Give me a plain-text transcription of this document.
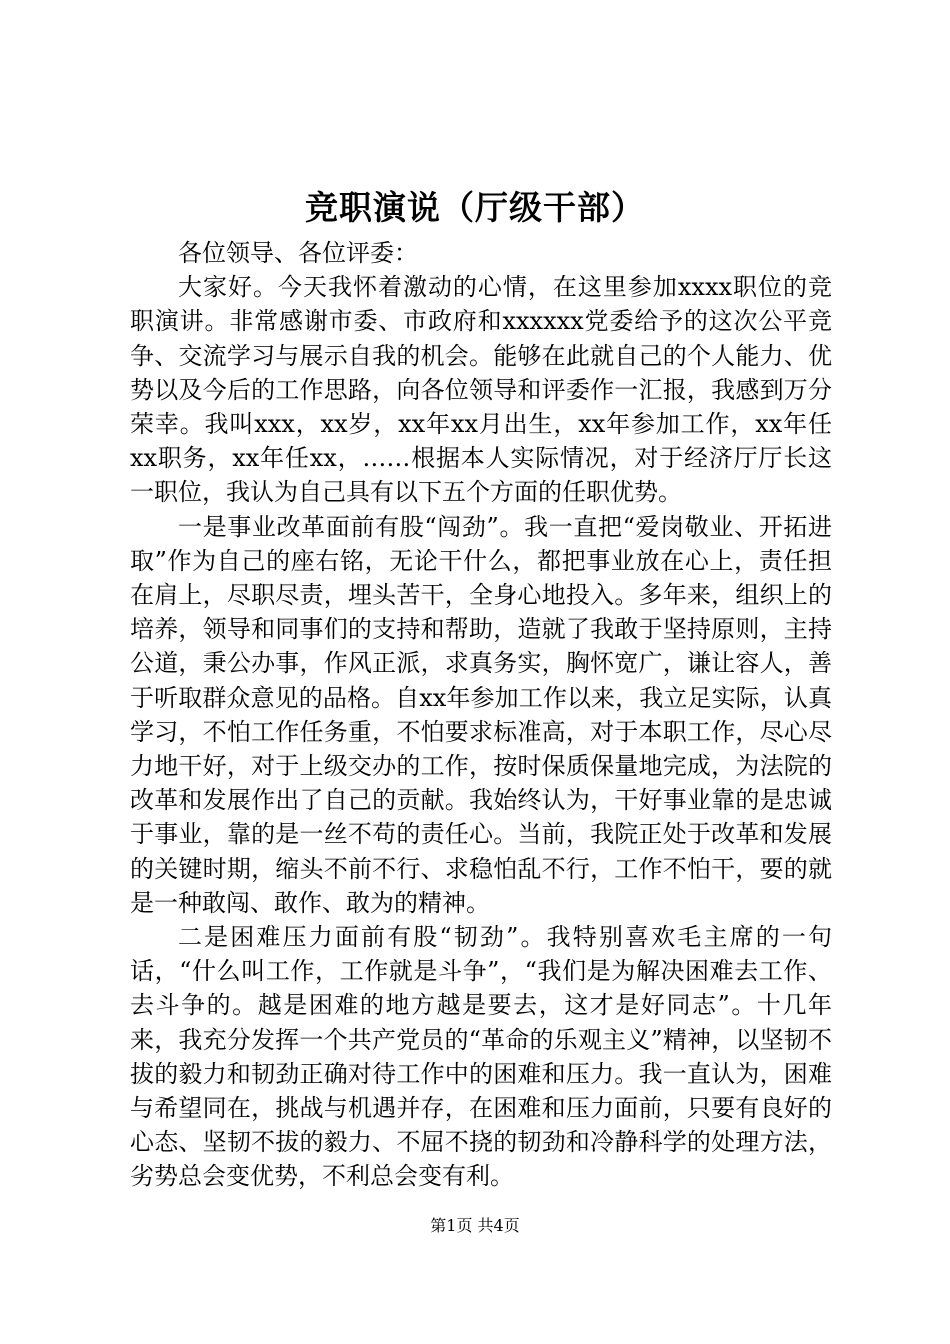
竞职演说（厅级干部）

各位领导、各位评委：

大家好。今天我怀着激动的心情，在这里参加xxxx职位的竞职演讲。非常感谢市委、市政府和xxxxxx党委给予的这次公平竞争、交流学习与展示自我的机会。能够在此就自己的个人能力、优势以及今后的工作思路，向各位领导和评委作一汇报，我感到万分荣幸。我叫xxx，xx岁，xx年xx月出生，xx年参加工作，xx年任xx职务，xx年任xx，……根据本人实际情况，对于经济厅厅长这一职位，我认为自己具有以下五个方面的任职优势。

一是事业改革面前有股“闯劲”。我一直把“爱岗敬业、开拓进取”作为自己的座右铭，无论干什么，都把事业放在心上，责任担在肩上，尽职尽责，埋头苦干，全身心地投入。多年来，组织上的培养，领导和同事们的支持和帮助，造就了我敢于坚持原则，主持公道，秉公办事，作风正派，求真务实，胸怀宽广，谦让容人，善于听取群众意见的品格。自xx年参加工作以来，我立足实际，认真学习，不怕工作任务重，不怕要求标准高，对于本职工作，尽心尽力地干好，对于上级交办的工作，按时保质保量地完成，为法院的改革和发展作出了自己的贡献。我始终认为，干好事业靠的是忠诚于事业，靠的是一丝不苟的责任心。当前，我院正处于改革和发展的关键时期，缩头不前不行、求稳怕乱不行，工作不怕干，要的就是一种敢闯、敢作、敢为的精神。

二是困难压力面前有股“韧劲”。我特别喜欢毛主席的一句话，“什么叫工作，工作就是斗争”，“我们是为解决困难去工作、去斗争的。越是困难的地方越是要去，这才是好同志”。十几年来，我充分发挥一个共产党员的“革命的乐观主义”精神，以坚韧不拔的毅力和韧劲正确对待工作中的困难和压力。我一直认为，困难与希望同在，挑战与机遇并存，在困难和压力面前，只要有良好的心态、坚韧不拔的毅力、不屈不挠的韧劲和冷静科学的处理方法，劣势总会变优势，不利总会变有利。

第1页 共4页
